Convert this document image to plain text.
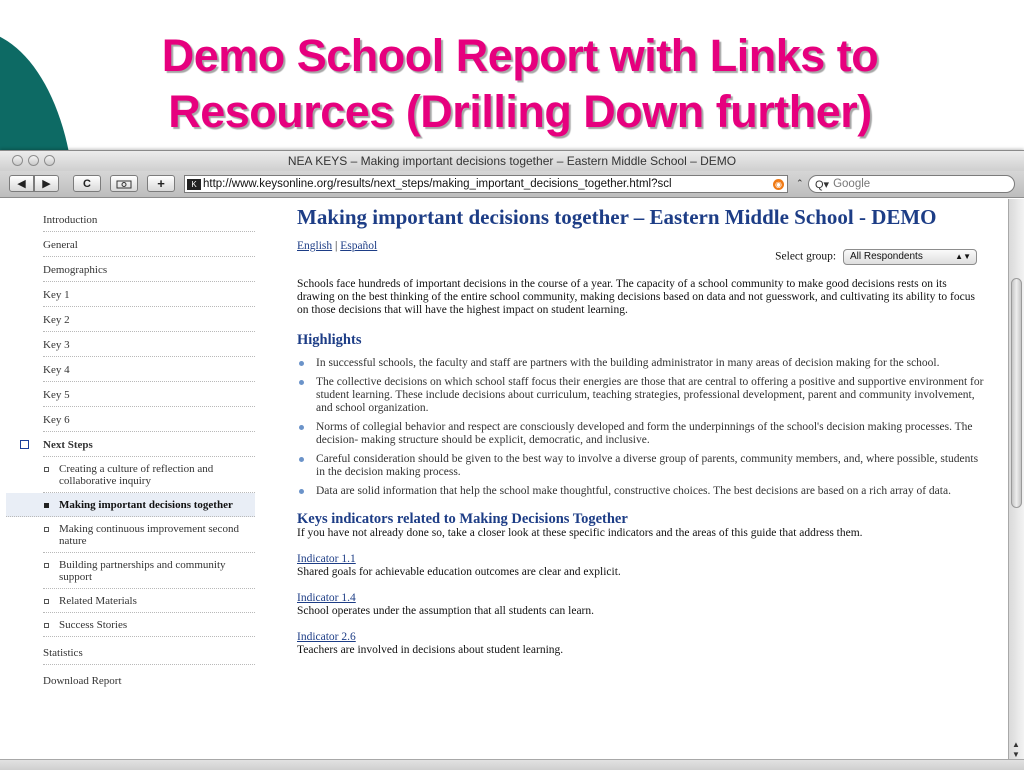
Demo School Report with Links to Resources (Drilling Down further)
NEA KEYS – Making important decisions together – Eastern Middle School – DEMO
◀ ▶	C	+	K http://www.keysonline.org/results/next_steps/making_important_decisions_together.html?scl	◉ ⌃ Q▾ Google
Introduction
General
Demographics
Key 1
Key 2
Key 3
Key 4
Key 5
Key 6
Next Steps
Creating a culture of reflection and collaborative inquiry
Making important decisions together
Making continuous improvement second nature
Building partnerships and community support
Related Materials
Success Stories
Statistics
Download Report
Making important decisions together – Eastern Middle School - DEMO
English | Español
Select group: All Respondents	▲▼
Schools face hundreds of important decisions in the course of a year. The capacity of a school community to make good decisions rests on its drawing on the best thinking of the entire school community, making decisions based on data and not guesswork, and cultivating its ability to focus on those decisions that will have the highest impact on student learning.
Highlights
In successful schools, the faculty and staff are partners with the building administrator in many areas of decision making for the school.
The collective decisions on which school staff focus their energies are those that are central to offering a positive and supportive environment for student learning. These include decisions about curriculum, teaching strategies, professional development, parent and community involvement, and school organization.
Norms of collegial behavior and respect are consciously developed and form the underpinnings of the school's decision making processes. The decision- making structure should be explicit, democratic, and inclusive.
Careful consideration should be given to the best way to involve a diverse group of parents, community members, and, where possible, students in the decision making process.
Data are solid information that help the school make thoughtful, constructive choices. The best decisions are based on a rich array of data.
Keys indicators related to Making Decisions Together
If you have not already done so, take a closer look at these specific indicators and the areas of this guide that address them.
Indicator 1.1
Shared goals for achievable education outcomes are clear and explicit.
Indicator 1.4
School operates under the assumption that all students can learn.
Indicator 2.6
Teachers are involved in decisions about student learning.
▲
▼
